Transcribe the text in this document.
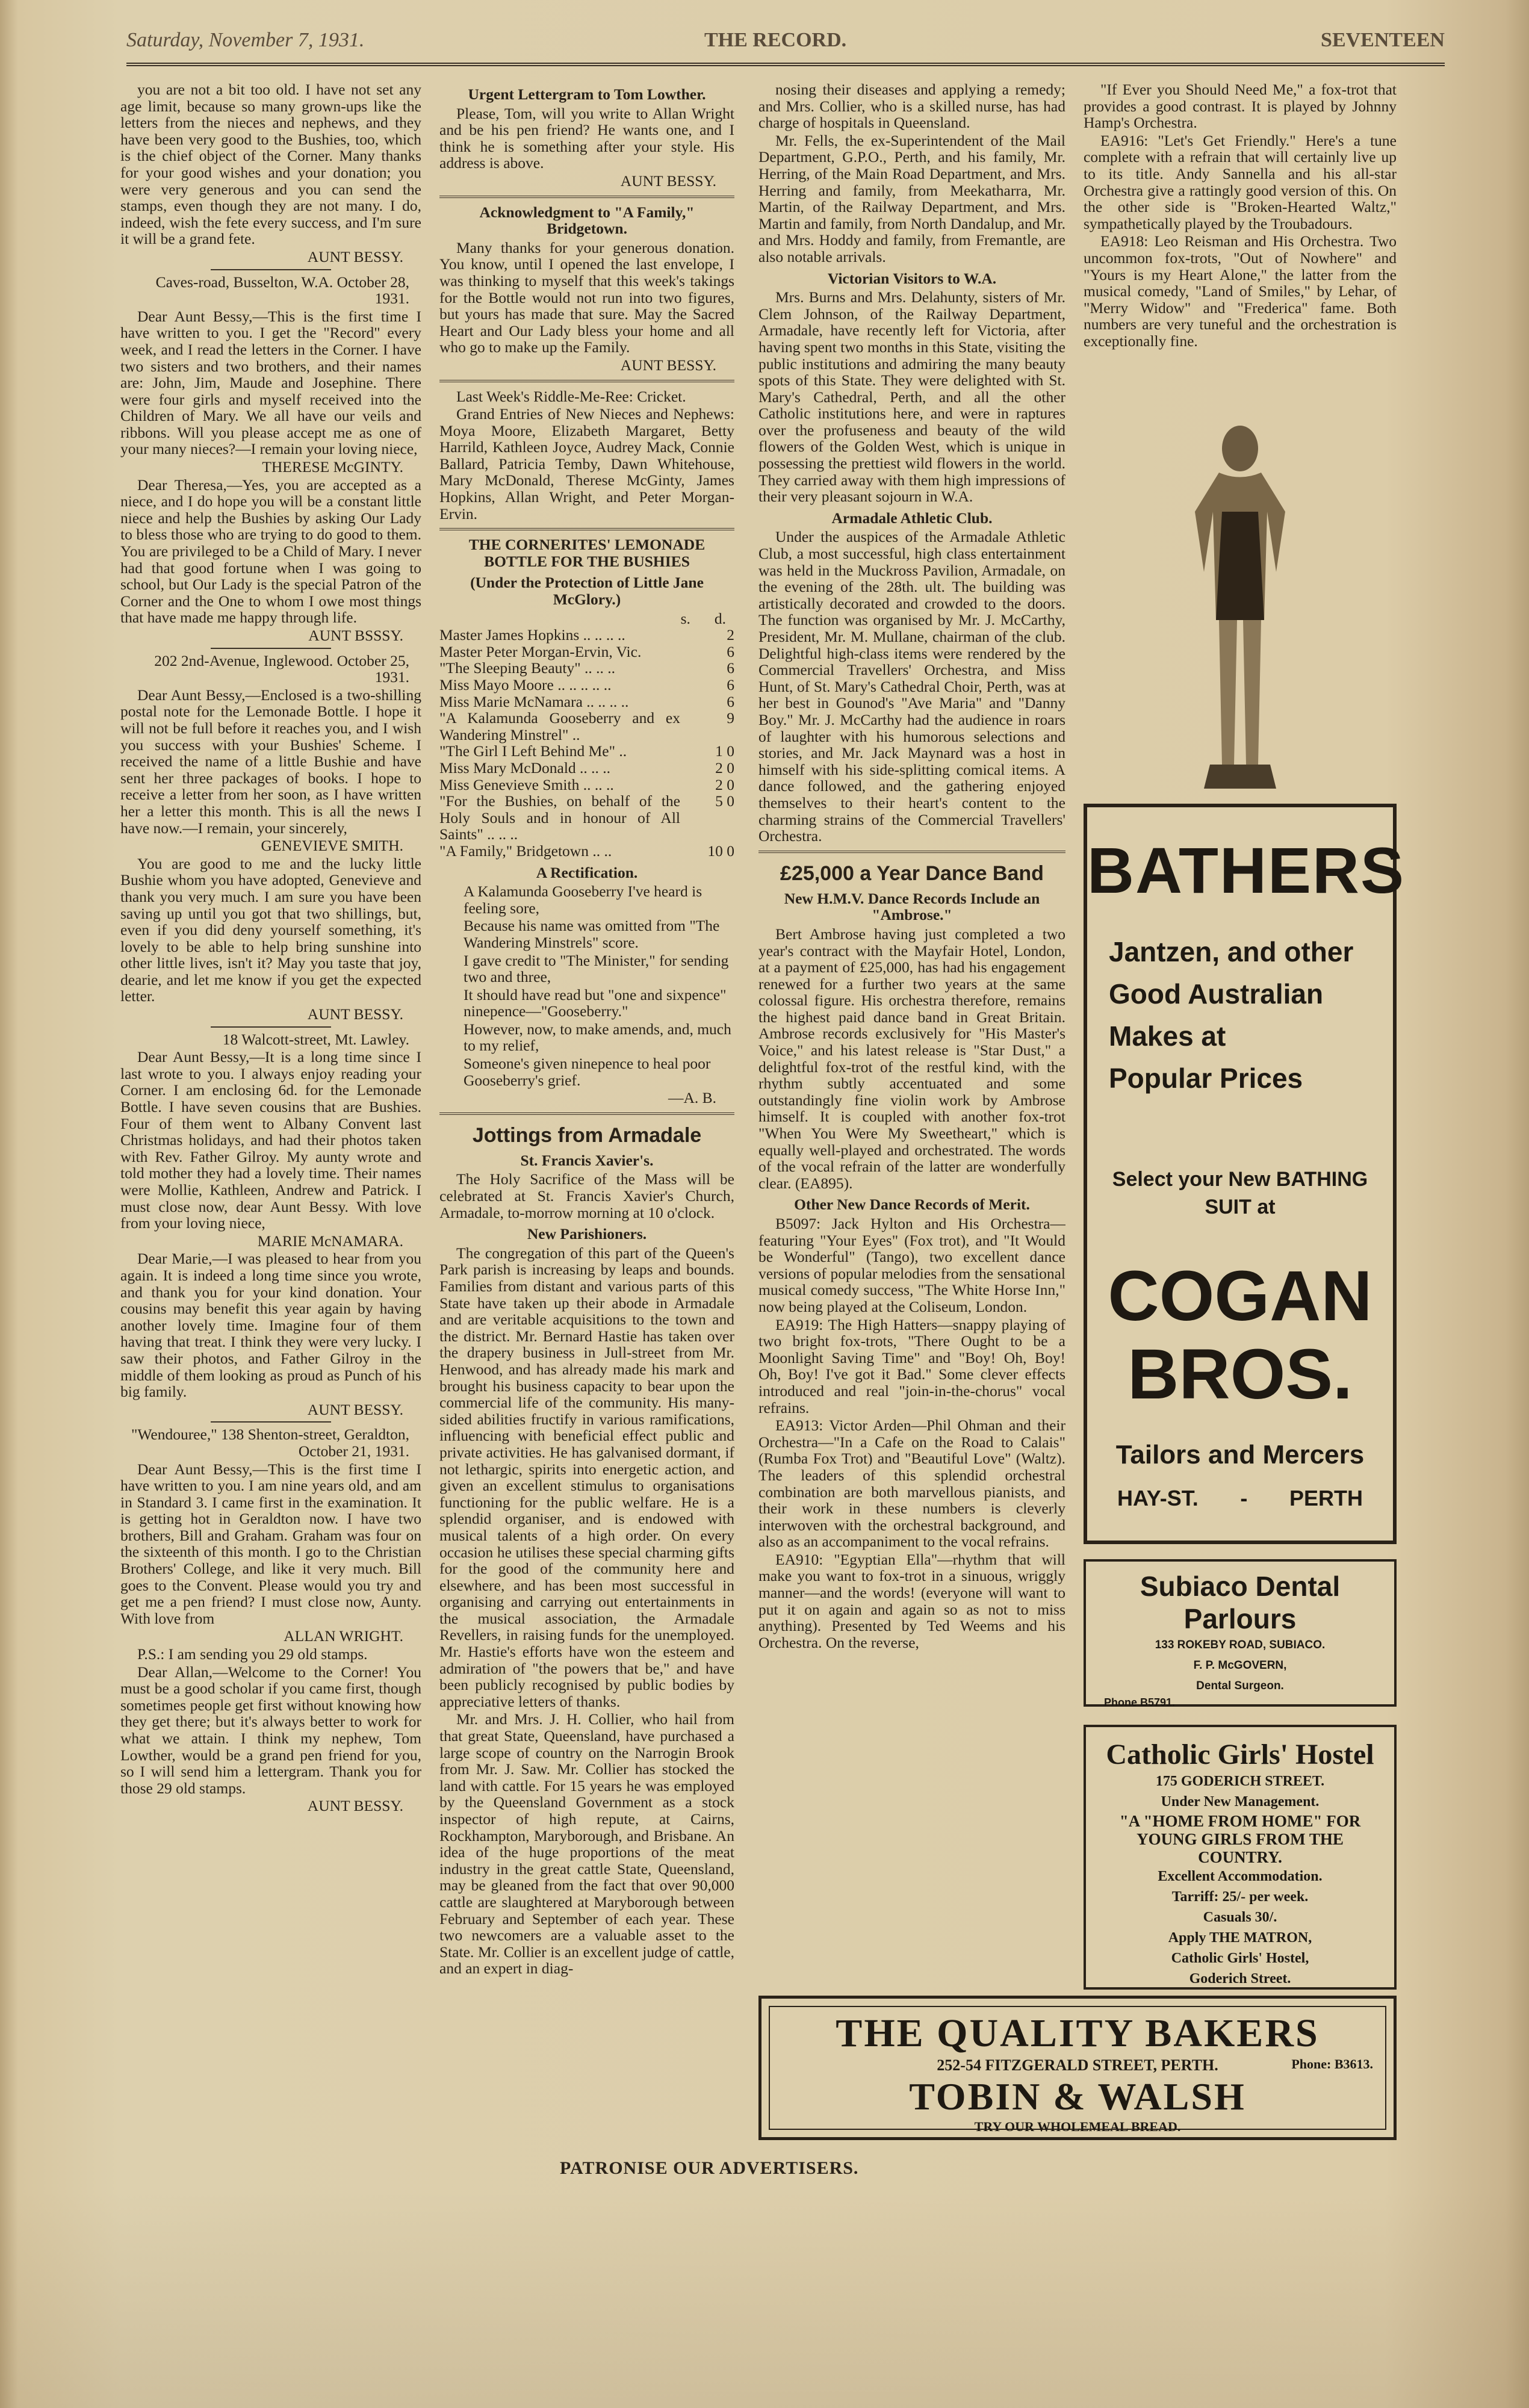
Saturday, November 7, 1931.	THE RECORD.	SEVENTEEN

you are not a bit too old. I have not set any age limit, because so many grown-ups like the letters from the nieces and nephews, and they have been very good to the Bushies, too, which is the chief object of the Corner. Many thanks for your good wishes and your donation; you were very generous and you can send the stamps, even though they are not many. I do, indeed, wish the fete every success, and I'm sure it will be a grand fete.

AUNT BESSY.

Caves-road, Busselton, W.A. October 28, 1931.

Dear Aunt Bessy,—This is the first time I have written to you. I get the "Record" every week, and I read the letters in the Corner. I have two sisters and two brothers, and their names are: John, Jim, Maude and Josephine. There were four girls and myself received into the Children of Mary. We all have our veils and ribbons. Will you please accept me as one of your many nieces?—I remain your loving niece,

THERESE McGINTY.

Dear Theresa,—Yes, you are accepted as a niece, and I do hope you will be a constant little niece and help the Bushies by asking Our Lady to bless those who are trying to do good to them. You are privileged to be a Child of Mary. I never had that good fortune when I was going to school, but Our Lady is the special Patron of the Corner and the One to whom I owe most things that have made me happy through life.

AUNT BSSSY.

202 2nd-Avenue, Inglewood. October 25, 1931.

Dear Aunt Bessy,—Enclosed is a two-shilling postal note for the Lemonade Bottle. I hope it will not be full before it reaches you, and I wish you success with your Bushies' Scheme. I received the name of a little Bushie and have sent her three packages of books. I hope to receive a letter from her soon, as I have written her a letter this month. This is all the news I have now.—I remain, your sincerely,

GENEVIEVE SMITH.

You are good to me and the lucky little Bushie whom you have adopted, Genevieve and thank you very much. I am sure you have been saving up until you got that two shillings, but, even if you did deny yourself something, it's lovely to be able to help bring sunshine into other little lives, isn't it? May you taste that joy, dearie, and let me know if you get the expected letter.

AUNT BESSY.

18 Walcott-street, Mt. Lawley.

Dear Aunt Bessy,—It is a long time since I last wrote to you. I always enjoy reading your Corner. I am enclosing 6d. for the Lemonade Bottle. I have seven cousins that are Bushies. Four of them went to Albany Convent last Christmas holidays, and had their photos taken with Rev. Father Gilroy. My aunty wrote and told mother they had a lovely time. Their names were Mollie, Kathleen, Andrew and Patrick. I must close now, dear Aunt Bessy. With love from your loving niece,

MARIE McNAMARA.

Dear Marie,—I was pleased to hear from you again. It is indeed a long time since you wrote, and thank you for your kind donation. Your cousins may benefit this year again by having another lovely time. Imagine four of them having that treat. I think they were very lucky. I saw their photos, and Father Gilroy in the middle of them looking as proud as Punch of his big family.

AUNT BESSY.

"Wendouree," 138 Shenton-street, Geraldton, October 21, 1931.

Dear Aunt Bessy,—This is the first time I have written to you. I am nine years old, and am in Standard 3. I came first in the examination. It is getting hot in Geraldton now. I have two brothers, Bill and Graham. Graham was four on the sixteenth of this month. I go to the Christian Brothers' College, and like it very much. Bill goes to the Convent. Please would you try and get me a pen friend? I must close now, Aunty. With love from

ALLAN WRIGHT.

P.S.: I am sending you 29 old stamps.

Dear Allan,—Welcome to the Corner! You must be a good scholar if you came first, though sometimes people get first without knowing how they get there; but it's always better to work for what we attain. I think my nephew, Tom Lowther, would be a grand pen friend for you, so I will send him a lettergram. Thank you for those 29 old stamps.

AUNT BESSY.

Urgent Lettergram to Tom Lowther.

Please, Tom, will you write to Allan Wright and be his pen friend? He wants one, and I think he is something after your style. His address is above.

AUNT BESSY.

Acknowledgment to "A Family," Bridgetown.

Many thanks for your generous donation. You know, until I opened the last envelope, I was thinking to myself that this week's takings for the Bottle would not run into two figures, but yours has made that sure. May the Sacred Heart and Our Lady bless your home and all who go to make up the Family.

AUNT BESSY.

Last Week's Riddle-Me-Ree: Cricket.

Grand Entries of New Nieces and Nephews: Moya Moore, Elizabeth Margaret, Betty Harrild, Kathleen Joyce, Audrey Mack, Connie Ballard, Patricia Temby, Dawn Whitehouse, Mary McDonald, Therese McGinty, James Hopkins, Allan Wright, and Peter Morgan-Ervin.

THE CORNERITES' LEMONADE BOTTLE FOR THE BUSHIES

(Under the Protection of Little Jane McGlory.)

s. d.
Master James Hopkins .. .. .. ..	2
Master Peter Morgan-Ervin, Vic.	6
"The Sleeping Beauty" .. .. ..	6
Miss Mayo Moore .. .. .. .. ..	6
Miss Marie McNamara .. .. .. ..	6
"A Kalamunda Gooseberry and ex Wandering Minstrel" ..
9
"The Girl I Left Behind Me" ..	1 0
Miss Mary McDonald .. .. ..	2 0
Miss Genevieve Smith .. .. ..	2 0
"For the Bushies, on behalf of the Holy Souls and in honour of All Saints" .. .. ..
5 0
"A Family," Bridgetown .. ..	10 0

A Rectification.

A Kalamunda Gooseberry I've heard is feeling sore,

Because his name was omitted from "The Wandering Minstrels" score.

I gave credit to "The Minister," for sending two and three,

It should have read but "one and sixpence" ninepence—"Gooseberry."

However, now, to make amends, and, much to my relief,

Someone's given ninepence to heal poor Gooseberry's grief.

—A. B.

Jottings from Armadale

St. Francis Xavier's.

The Holy Sacrifice of the Mass will be celebrated at St. Francis Xavier's Church, Armadale, to-morrow morning at 10 o'clock.

New Parishioners.

The congregation of this part of the Queen's Park parish is increasing by leaps and bounds. Families from distant and various parts of this State have taken up their abode in Armadale and are veritable acquisitions to the town and the district. Mr. Bernard Hastie has taken over the drapery business in Jull-street from Mr. Henwood, and has already made his mark and brought his business capacity to bear upon the commercial life of the community. His many-sided abilities fructify in various ramifications, influencing with beneficial effect public and private activities. He has galvanised dormant, if not lethargic, spirits into energetic action, and given an excellent stimulus to organisations functioning for the public welfare. He is a splendid organiser, and is endowed with musical talents of a high order. On every occasion he utilises these special charming gifts for the good of the community here and elsewhere, and has been most successful in organising and carrying out entertainments in the musical association, the Armadale Revellers, in raising funds for the unemployed. Mr. Hastie's efforts have won the esteem and admiration of "the powers that be," and have been publicly recognised by public bodies by appreciative letters of thanks.

Mr. and Mrs. J. H. Collier, who hail from that great State, Queensland, have purchased a large scope of country on the Narrogin Brook from Mr. J. Saw. Mr. Collier has stocked the land with cattle. For 15 years he was employed by the Queensland Government as a stock inspector of high repute, at Cairns, Rockhampton, Maryborough, and Brisbane. An idea of the huge proportions of the meat industry in the great cattle State, Queensland, may be gleaned from the fact that over 90,000 cattle are slaughtered at Maryborough between February and September of each year. These two newcomers are a valuable asset to the State. Mr. Collier is an excellent judge of cattle, and an expert in diag-

nosing their diseases and applying a remedy; and Mrs. Collier, who is a skilled nurse, has had charge of hospitals in Queensland.

Mr. Fells, the ex-Superintendent of the Mail Department, G.P.O., Perth, and his family, Mr. Herring, of the Main Road Department, and Mrs. Herring and family, from Meekatharra, Mr. Martin, of the Railway Department, and Mrs. Martin and family, from North Dandalup, and Mr. and Mrs. Hoddy and family, from Fremantle, are also notable arrivals.

Victorian Visitors to W.A.

Mrs. Burns and Mrs. Delahunty, sisters of Mr. Clem Johnson, of the Railway Department, Armadale, have recently left for Victoria, after having spent two months in this State, visiting the public institutions and admiring the many beauty spots of this State. They were delighted with St. Mary's Cathedral, Perth, and all the other Catholic institutions here, and were in raptures over the profuseness and beauty of the wild flowers of the Golden West, which is unique in possessing the prettiest wild flowers in the world. They carried away with them high impressions of their very pleasant sojourn in W.A.

Armadale Athletic Club.

Under the auspices of the Armadale Athletic Club, a most successful, high class entertainment was held in the Muckross Pavilion, Armadale, on the evening of the 28th. ult. The building was artistically decorated and crowded to the doors. The function was organised by Mr. J. McCarthy, President, Mr. M. Mullane, chairman of the club. Delightful high-class items were rendered by the Commercial Travellers' Orchestra, and Miss Hunt, of St. Mary's Cathedral Choir, Perth, was at her best in Gounod's "Ave Maria" and "Danny Boy." Mr. J. McCarthy had the audience in roars of laughter with his humorous selections and stories, and Mr. Jack Maynard was a host in himself with his side-splitting comical items. A dance followed, and the gathering enjoyed themselves to their heart's content to the charming strains of the Commercial Travellers' Orchestra.

£25,000 a Year Dance Band

New H.M.V. Dance Records Include an "Ambrose."

Bert Ambrose having just completed a two year's contract with the Mayfair Hotel, London, at a payment of £25,000, has had his engagement renewed for a further two years at the same colossal figure. His orchestra therefore, remains the highest paid dance band in Great Britain. Ambrose records exclusively for "His Master's Voice," and his latest release is "Star Dust," a delightful fox-trot of the restful kind, with the rhythm subtly accentuated and some outstandingly fine violin work by Ambrose himself. It is coupled with another fox-trot "When You Were My Sweetheart," which is equally well-played and orchestrated. The words of the vocal refrain of the latter are wonderfully clear. (EA895).

Other New Dance Records of Merit.

B5097: Jack Hylton and His Orchestra—featuring "Your Eyes" (Fox trot), and "It Would be Wonderful" (Tango), two excellent dance versions of popular melodies from the sensational musical comedy success, "The White Horse Inn," now being played at the Coliseum, London.

EA919: The High Hatters—snappy playing of two bright fox-trots, "There Ought to be a Moonlight Saving Time" and "Boy! Oh, Boy! Oh, Boy! I've got it Bad." Some clever effects introduced and real "join-in-the-chorus" vocal refrains.

EA913: Victor Arden—Phil Ohman and their Orchestra—"In a Cafe on the Road to Calais" (Rumba Fox Trot) and "Beautiful Love" (Waltz). The leaders of this splendid orchestral combination are both marvellous pianists, and their work in these numbers is cleverly interwoven with the orchestral background, and also as an accompaniment to the vocal refrains.

EA910: "Egyptian Ella"—rhythm that will make you want to fox-trot in a sinuous, wriggly manner—and the words! (everyone will want to put it on again and again so as not to miss anything). Presented by Ted Weems and his Orchestra. On the reverse,

"If Ever you Should Need Me," a fox-trot that provides a good contrast. It is played by Johnny Hamp's Orchestra.

EA916: "Let's Get Friendly." Here's a tune complete with a refrain that will certainly live up to its title. Andy Sannella and his all-star Orchestra give a rattingly good version of this. On the other side is "Broken-Hearted Waltz," sympathetically played by the Troubadours.

EA918: Leo Reisman and His Orchestra. Two uncommon fox-trots, "Out of Nowhere" and "Yours is my Heart Alone," the latter from the musical comedy, "Land of Smiles," by Lehar, of "Merry Widow" and "Frederica" fame. Both numbers are very tuneful and the orchestration is exceptionally fine.

BATHERS
Jantzen, and other
Good Australian
Makes at
Popular Prices
Select your New BATHING
SUIT at
COGAN
BROS.
Tailors and Mercers
HAY-ST. - PERTH
Subiaco Dental Parlours
133 ROKEBY ROAD, SUBIACO.
F. P. McGOVERN,
Dental Surgeon.
Phone B5791.
Catholic Girls' Hostel
175 GODERICH STREET.
Under New Management.
"A "HOME FROM HOME" FOR
YOUNG GIRLS FROM THE
COUNTRY.
Excellent Accommodation.
Tarriff: 25/- per week.
Casuals 30/.
Apply THE MATRON,
Catholic Girls' Hostel,
Goderich Street.
THE QUALITY BAKERS
252-54 FITZGERALD STREET, PERTH.	Phone: B3613.
TOBIN & WALSH
TRY OUR WHOLEMEAL BREAD.
PATRONISE OUR ADVERTISERS.
